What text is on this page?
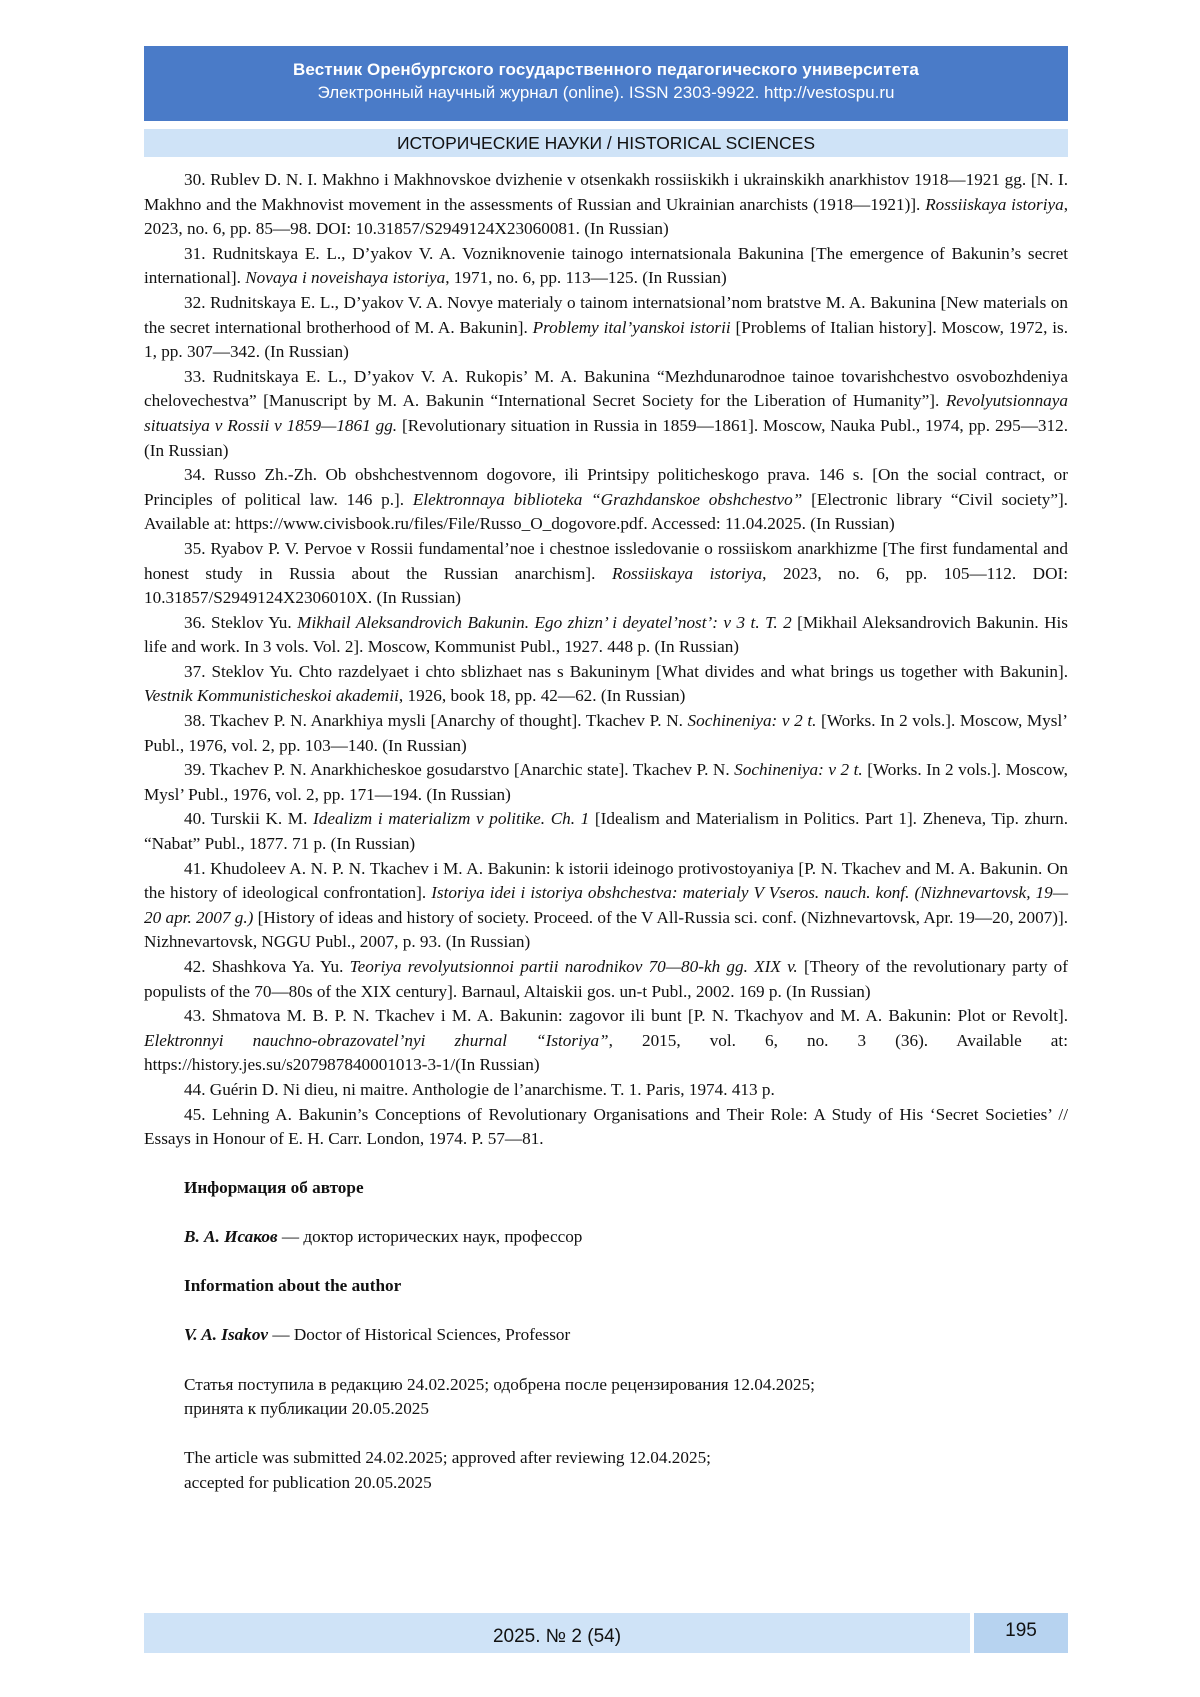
Вестник Оренбургского государственного педагогического университета
Электронный научный журнал (online). ISSN 2303-9922. http://vestospu.ru
ИСТОРИЧЕСКИЕ НАУКИ / HISTORICAL SCIENCES

30. Rublev D. N. I. Makhno i Makhnovskoe dvizhenie v otsenkakh rossiiskikh i ukrainskikh anarkhistov 1918—1921 gg. [N. I. Makhno and the Makhnovist movement in the assessments of Russian and Ukrainian anarchists (1918—1921)]. Rossiiskaya istoriya, 2023, no. 6, pp. 85—98. DOI: 10.31857/S2949124X23060081. (In Russian)

31. Rudnitskaya E. L., D’yakov V. A. Vozniknovenie tainogo internatsionala Bakunina [The emergence of Bakunin’s secret international]. Novaya i noveishaya istoriya, 1971, no. 6, pp. 113—125. (In Russian)

32. Rudnitskaya E. L., D’yakov V. A. Novye materialy o tainom internatsional’nom bratstve M. A. Bakunina [New materials on the secret international brotherhood of M. A. Bakunin]. Problemy ital’yanskoi istorii [Problems of Italian history]. Moscow, 1972, is. 1, pp. 307—342. (In Russian)

33. Rudnitskaya E. L., D’yakov V. A. Rukopis’ M. A. Bakunina “Mezhdunarodnoe tainoe tovarishchestvo osvobozhdeniya chelovechestva” [Manuscript by M. A. Bakunin “International Secret Society for the Liberation of Humanity”]. Revolyutsionnaya situatsiya v Rossii v 1859—1861 gg. [Revolutionary situation in Russia in 1859—1861]. Moscow, Nauka Publ., 1974, pp. 295—312. (In Russian)

34. Russo Zh.-Zh. Ob obshchestvennom dogovore, ili Printsipy politicheskogo prava. 146 s. [On the social contract, or Principles of political law. 146 p.]. Elektronnaya biblioteka “Grazhdanskoe obshchestvo” [Electronic library “Civil society”]. Available at: https://www.civisbook.ru/files/File/Russo_O_dogovore.pdf. Accessed: 11.04.2025. (In Russian)

35. Ryabov P. V. Pervoe v Rossii fundamental’noe i chestnoe issledovanie o rossiiskom anarkhizme [The first fundamental and honest study in Russia about the Russian anarchism]. Rossiiskaya istoriya, 2023, no. 6, pp. 105—112. DOI: 10.31857/S2949124X2306010X. (In Russian)

36. Steklov Yu. Mikhail Aleksandrovich Bakunin. Ego zhizn’ i deyatel’nost’: v 3 t. T. 2 [Mikhail Aleksandrovich Bakunin. His life and work. In 3 vols. Vol. 2]. Moscow, Kommunist Publ., 1927. 448 p. (In Russian)

37. Steklov Yu. Chto razdelyaet i chto sblizhaet nas s Bakuninym [What divides and what brings us together with Bakunin]. Vestnik Kommunisticheskoi akademii, 1926, book 18, pp. 42—62. (In Russian)

38. Tkachev P. N. Anarkhiya mysli [Anarchy of thought]. Tkachev P. N. Sochineniya: v 2 t. [Works. In 2 vols.]. Moscow, Mysl’ Publ., 1976, vol. 2, pp. 103—140. (In Russian)

39. Tkachev P. N. Anarkhicheskoe gosudarstvo [Anarchic state]. Tkachev P. N. Sochineniya: v 2 t. [Works. In 2 vols.]. Moscow, Mysl’ Publ., 1976, vol. 2, pp. 171—194. (In Russian)

40. Turskii K. M. Idealizm i materializm v politike. Ch. 1 [Idealism and Materialism in Politics. Part 1]. Zheneva, Tip. zhurn. “Nabat” Publ., 1877. 71 p. (In Russian)

41. Khudoleev A. N. P. N. Tkachev i M. A. Bakunin: k istorii ideinogo protivostoyaniya [P. N. Tkachev and M. A. Bakunin. On the history of ideological confrontation]. Istoriya idei i istoriya obshchestva: materialy V Vseros. nauch. konf. (Nizhnevartovsk, 19—20 apr. 2007 g.) [History of ideas and history of society. Proceed. of the V All-Russia sci. conf. (Nizhnevartovsk, Apr. 19—20, 2007)]. Nizhnevartovsk, NGGU Publ., 2007, p. 93. (In Russian)

42. Shashkova Ya. Yu. Teoriya revolyutsionnoi partii narodnikov 70—80-kh gg. XIX v. [Theory of the revolutionary party of populists of the 70—80s of the XIX century]. Barnaul, Altaiskii gos. un-t Publ., 2002. 169 p. (In Russian)

43. Shmatova M. B. P. N. Tkachev i M. A. Bakunin: zagovor ili bunt [P. N. Tkachyov and M. A. Bakunin: Plot or Revolt]. Elektronnyi nauchno-obrazovatel’nyi zhurnal “Istoriya”, 2015, vol. 6, no. 3 (36). Available at: https://history.jes.su/s207987840001013-3-1/(In Russian)

44. Guérin D. Ni dieu, ni maitre. Anthologie de l’anarchisme. T. 1. Paris, 1974. 413 p.

45. Lehning A. Bakunin’s Conceptions of Revolutionary Organisations and Their Role: A Study of His ‘Secret Societies’ // Essays in Honour of E. H. Carr. London, 1974. P. 57—81.

Информация об авторе

В. А. Исаков — доктор исторических наук, профессор

Information about the author

V. A. Isakov — Doctor of Historical Sciences, Professor

Статья поступила в редакцию 24.02.2025; одобрена после рецензирования 12.04.2025;
принята к публикации 20.05.2025

The article was submitted 24.02.2025; approved after reviewing 12.04.2025;
accepted for publication 20.05.2025

2025. № 2 (54)	195
